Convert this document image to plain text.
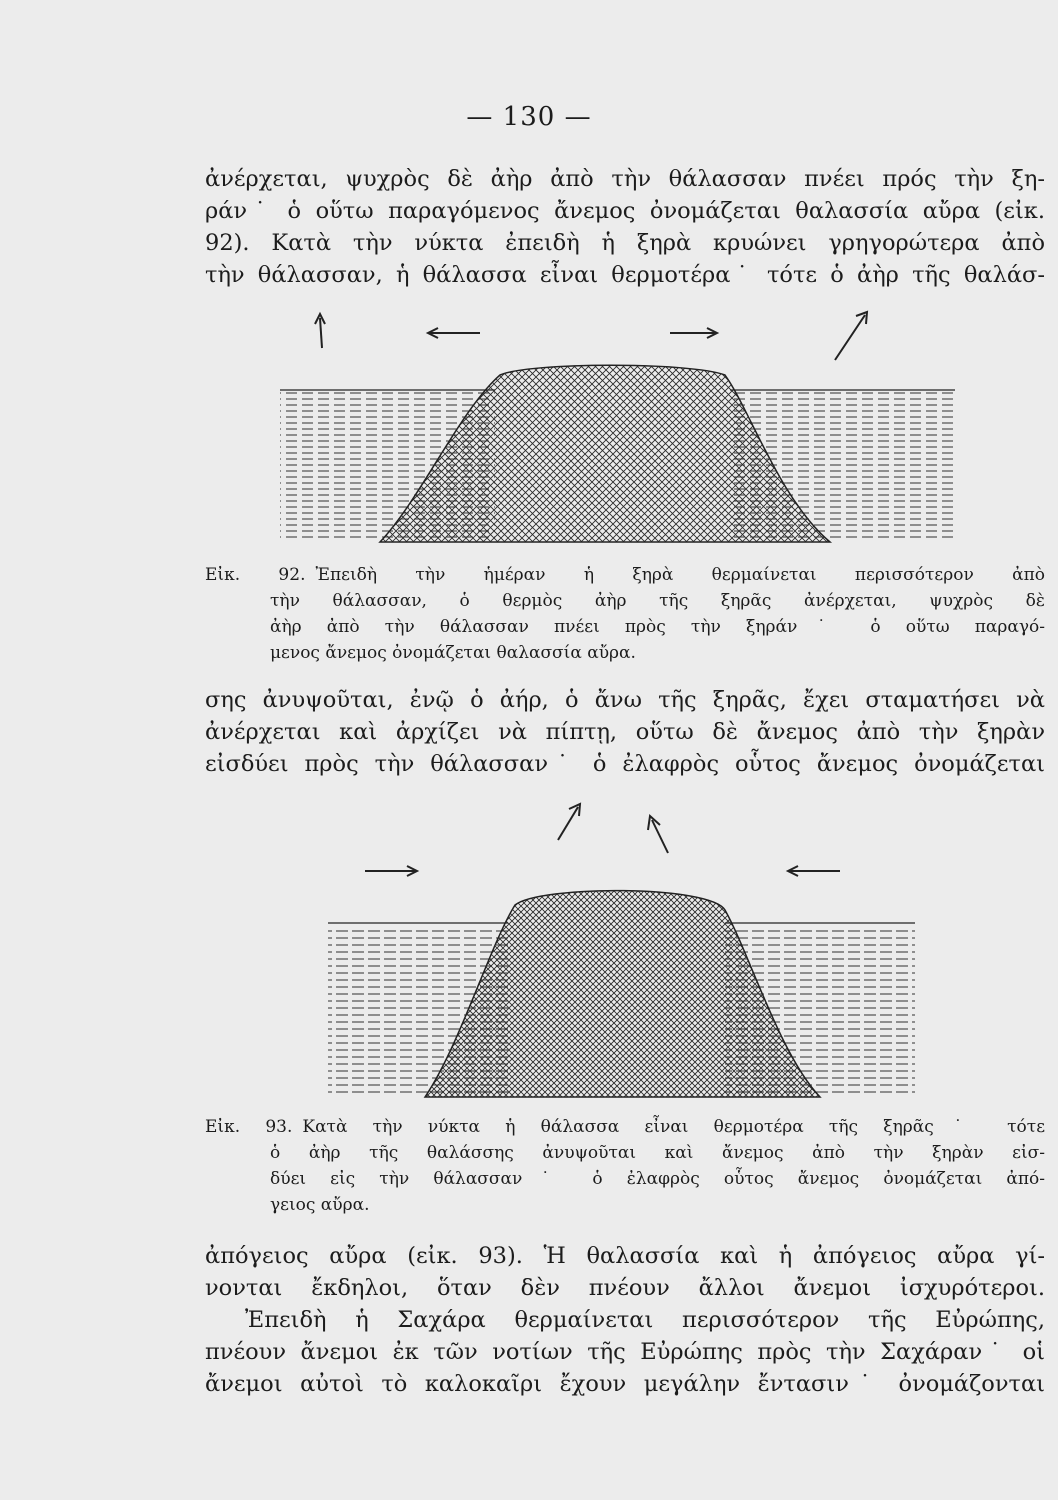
— 130 —
ἀνέρχεται, ψυχρὸς δὲ ἀὴρ ἀπὸ τὴν θάλασσαν πνέει πρός τὴν ξη-
ράν˙ ὁ οὕτω παραγόμενος ἄνεμος ὀνομάζεται θαλασσία αὔρα (εἰκ.
92). Κατὰ τὴν νύκτα ἐπειδὴ ἡ ξηρὰ κρυώνει γρηγορώτερα ἀπὸ
τὴν θάλασσαν, ἡ θάλασσα εἶναι θερμοτέρα˙ τότε ὁ ἀὴρ τῆς θαλάσ-
Εἰκ. 92. Ἐπειδὴ τὴν ἡμέραν ἡ ξηρὰ θερμαίνεται περισσότερον ἀπὸ
τὴν θάλασσαν, ὁ θερμὸς ἀὴρ τῆς ξηρᾶς ἀνέρχεται, ψυχρὸς δὲ
ἀὴρ ἀπὸ τὴν θάλασσαν πνέει πρὸς τὴν ξηράν˙ ὁ οὕτω παραγό-
μενος ἄνεμος ὀνομάζεται θαλασσία αὔρα.
σης ἀνυψοῦται, ἐνῷ ὁ ἀήρ, ὁ ἄνω τῆς ξηρᾶς, ἔχει σταματήσει νὰ
ἀνέρχεται καὶ ἀρχίζει νὰ πίπτῃ, οὕτω δὲ ἄνεμος ἀπὸ τὴν ξηρὰν
εἰσδύει πρὸς τὴν θάλασσαν˙ ὁ ἐλαφρὸς οὗτος ἄνεμος ὀνομάζεται
Εἰκ. 93. Κατὰ τὴν νύκτα ἡ θάλασσα εἶναι θερμοτέρα τῆς ξηρᾶς˙ τότε
ὁ ἀὴρ τῆς θαλάσσης ἀνυψοῦται καὶ ἄνεμος ἀπὸ τὴν ξηρὰν εἰσ-
δύει εἰς τὴν θάλασσαν˙ ὁ ἐλαφρὸς οὗτος ἄνεμος ὀνομάζεται ἀπό-
γειος αὔρα.
ἀπόγειος αὔρα (εἰκ. 93). Ἡ θαλασσία καὶ ἡ ἀπόγειος αὔρα γί-
νονται ἔκδηλοι, ὅταν δὲν πνέουν ἄλλοι ἄνεμοι ἰσχυρότεροι.
Ἐπειδὴ ἡ Σαχάρα θερμαίνεται περισσότερον τῆς Εὐρώπης,
πνέουν ἄνεμοι ἐκ τῶν νοτίων τῆς Εὐρώπης πρὸς τὴν Σαχάραν˙ οἱ
ἄνεμοι αὐτοὶ τὸ καλοκαῖρι ἔχουν μεγάλην ἔντασιν˙ ὀνομάζονται
